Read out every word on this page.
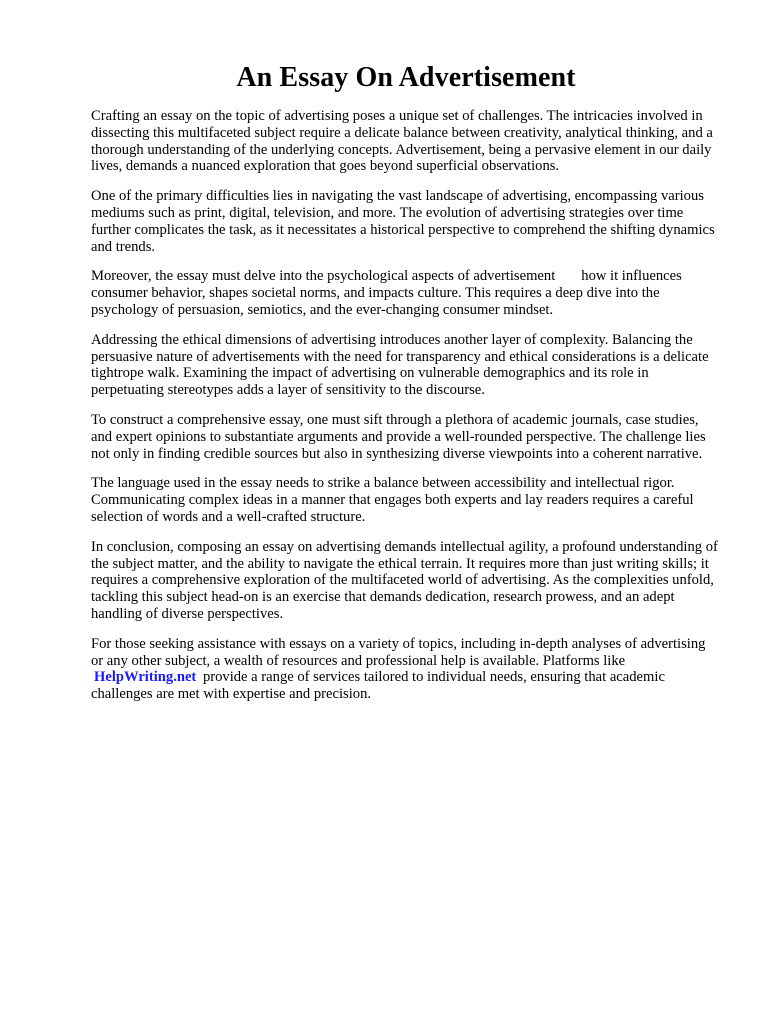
An Essay On Advertisement

Crafting an essay on the topic of advertising poses a unique set of challenges. The intricacies involved in dissecting this multifaceted subject require a delicate balance between creativity, analytical thinking, and a thorough understanding of the underlying concepts. Advertisement, being a pervasive element in our daily lives, demands a nuanced exploration that goes beyond superficial observations.

One of the primary difficulties lies in navigating the vast landscape of advertising, encompassing various mediums such as print, digital, television, and more. The evolution of advertising strategies over time further complicates the task, as it necessitates a historical perspective to comprehend the shifting dynamics and trends.

Moreover, the essay must delve into the psychological aspects of advertisement how it influences consumer behavior, shapes societal norms, and impacts culture. This requires a deep dive into the psychology of persuasion, semiotics, and the ever-changing consumer mindset.

Addressing the ethical dimensions of advertising introduces another layer of complexity. Balancing the persuasive nature of advertisements with the need for transparency and ethical considerations is a delicate tightrope walk. Examining the impact of advertising on vulnerable demographics and its role in perpetuating stereotypes adds a layer of sensitivity to the discourse.

To construct a comprehensive essay, one must sift through a plethora of academic journals, case studies, and expert opinions to substantiate arguments and provide a well-rounded perspective. The challenge lies not only in finding credible sources but also in synthesizing diverse viewpoints into a coherent narrative.

The language used in the essay needs to strike a balance between accessibility and intellectual rigor. Communicating complex ideas in a manner that engages both experts and lay readers requires a careful selection of words and a well-crafted structure.

In conclusion, composing an essay on advertising demands intellectual agility, a profound understanding of the subject matter, and the ability to navigate the ethical terrain. It requires more than just writing skills; it requires a comprehensive exploration of the multifaceted world of advertising. As the complexities unfold, tackling this subject head-on is an exercise that demands dedication, research prowess, and an adept handling of diverse perspectives.

For those seeking assistance with essays on a variety of topics, including in-depth analyses of advertising or any other subject, a wealth of resources and professional help is available. Platforms like HelpWriting.net provide a range of services tailored to individual needs, ensuring that academic challenges are met with expertise and precision.
